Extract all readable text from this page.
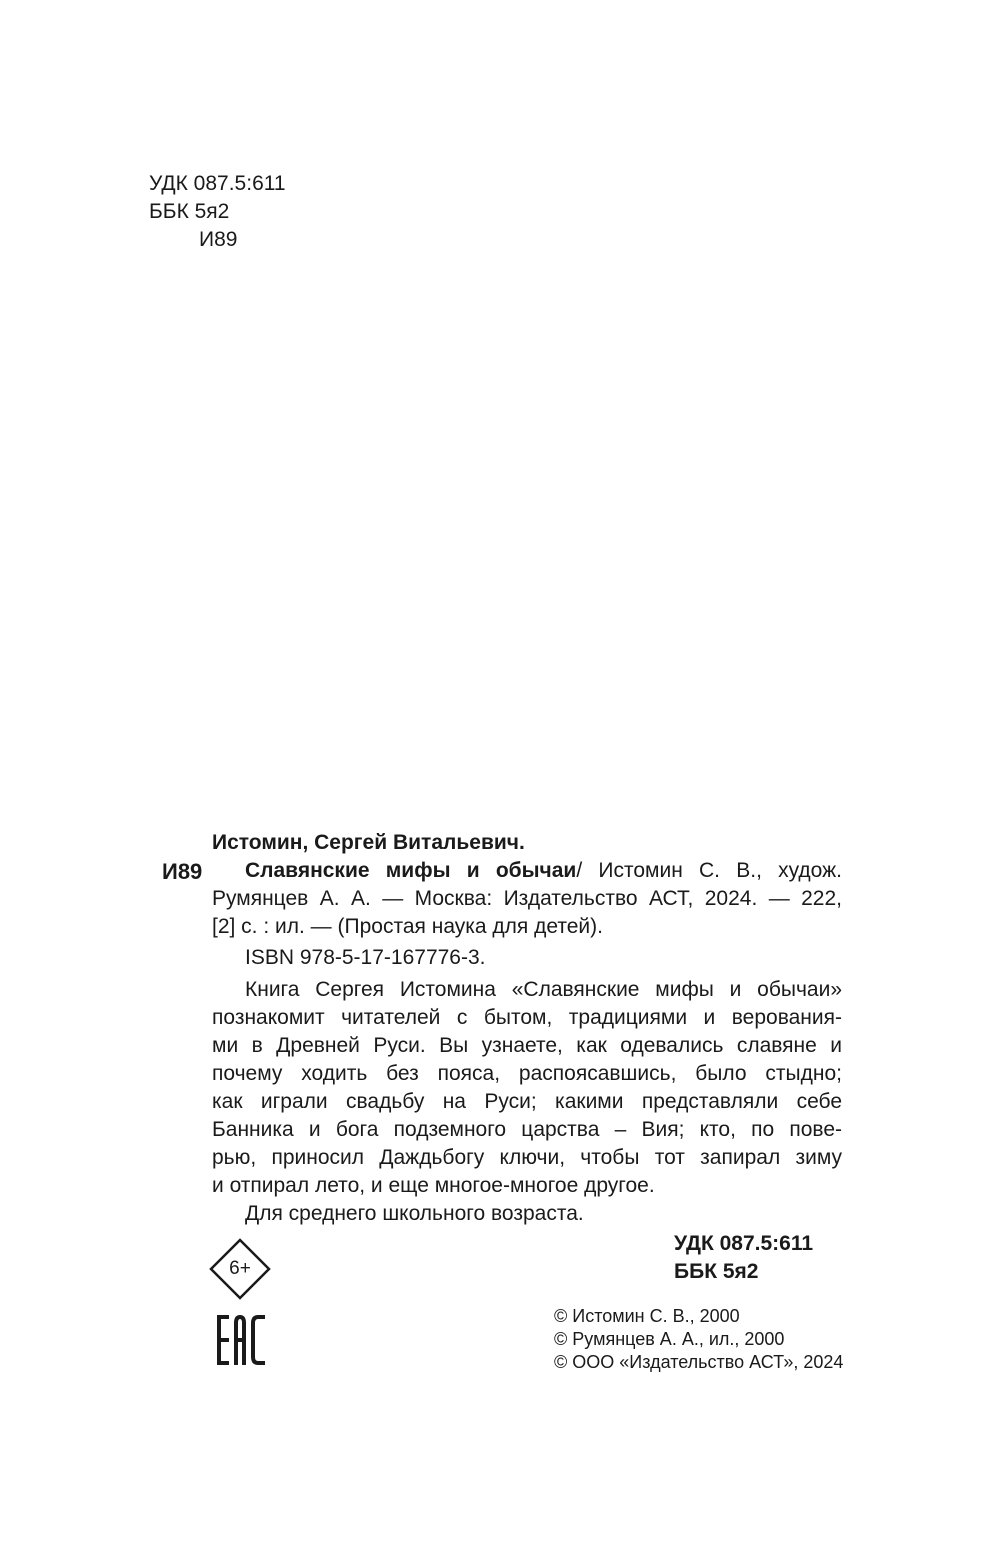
УДК 087.5:611
ББК 5я2
И89
Истомин, Сергей Витальевич.
И89 Славянские мифы и обычаи/ Истомин С. В., худож.
Румянцев А. А. — Москва: Издательство АСТ, 2024. — 222,
[2] с. : ил. — (Простая наука для детей).
ISBN 978-5-17-167776-3.
Книга Сергея Истомина «Славянские мифы и обычаи»
познакомит читателей с бытом, традициями и верования-
ми в Древней Руси. Вы узнаете, как одевались славяне и
почему ходить без пояса, распоясавшись, было стыдно;
как играли свадьбу на Руси; какими представляли себе
Банника и бога подземного царства – Вия; кто, по пове-
рью, приносил Даждьбогу ключи, чтобы тот запирал зиму
и отпирал лето, и еще многое-многое другое.
Для среднего школьного возраста.
УДК 087.5:611
ББК 5я2
6+
© Истомин С. В., 2000
© Румянцев А. А., ил., 2000
© ООО «Издательство АСТ», 2024
